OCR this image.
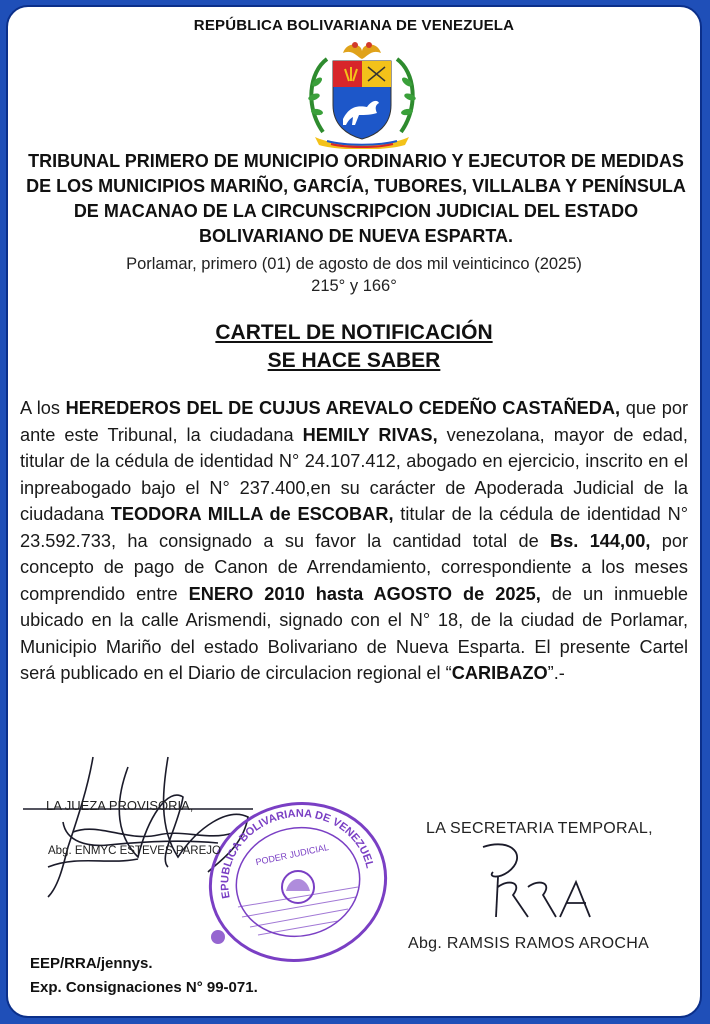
REPÚBLICA BOLIVARIANA DE VENEZUELA
TRIBUNAL PRIMERO DE MUNICIPIO ORDINARIO Y EJECUTOR DE MEDIDAS DE LOS MUNICIPIOS MARIÑO, GARCÍA, TUBORES, VILLALBA Y PENÍNSULA DE MACANAO DE LA CIRCUNSCRIPCION JUDICIAL DEL ESTADO BOLIVARIANO DE NUEVA ESPARTA.
Porlamar, primero (01) de agosto de dos mil veinticinco (2025)
215° y 166°
CARTEL DE NOTIFICACIÓN
SE HACE SABER
A los HEREDEROS DEL DE CUJUS AREVALO CEDEÑO CASTAÑEDA, que por ante este Tribunal, la ciudadana HEMILY RIVAS, venezolana, mayor de edad, titular de la cédula de identidad N° 24.107.412, abogado en ejercicio, inscrito en el inpreabogado bajo el N° 237.400,en su carácter de Apoderada Judicial de la ciudadana TEODORA MILLA de ESCOBAR, titular de la cédula de identidad N° 23.592.733, ha consignado a su favor la cantidad total de Bs. 144,00, por concepto de pago de Canon de Arrendamiento, correspondiente a los meses comprendido entre ENERO 2010 hasta AGOSTO de 2025, de un inmueble ubicado en la calle Arismendi, signado con el N° 18, de la ciudad de Porlamar, Municipio Mariño del estado Bolivariano de Nueva Esparta. El presente Cartel será publicado en el Diario de circulacion regional el “CARIBAZO”.-
REPUBLICA BOLIVARIANA DE VENEZUELA
PODER JUDICIAL
LA JUEZA PROVISORIA,
Abg. ENMYC ESTEVES PAREJO
LA SECRETARIA TEMPORAL,
Abg. RAMSIS RAMOS AROCHA
EEP/RRA/jennys.
Exp. Consignaciones N° 99-071.
